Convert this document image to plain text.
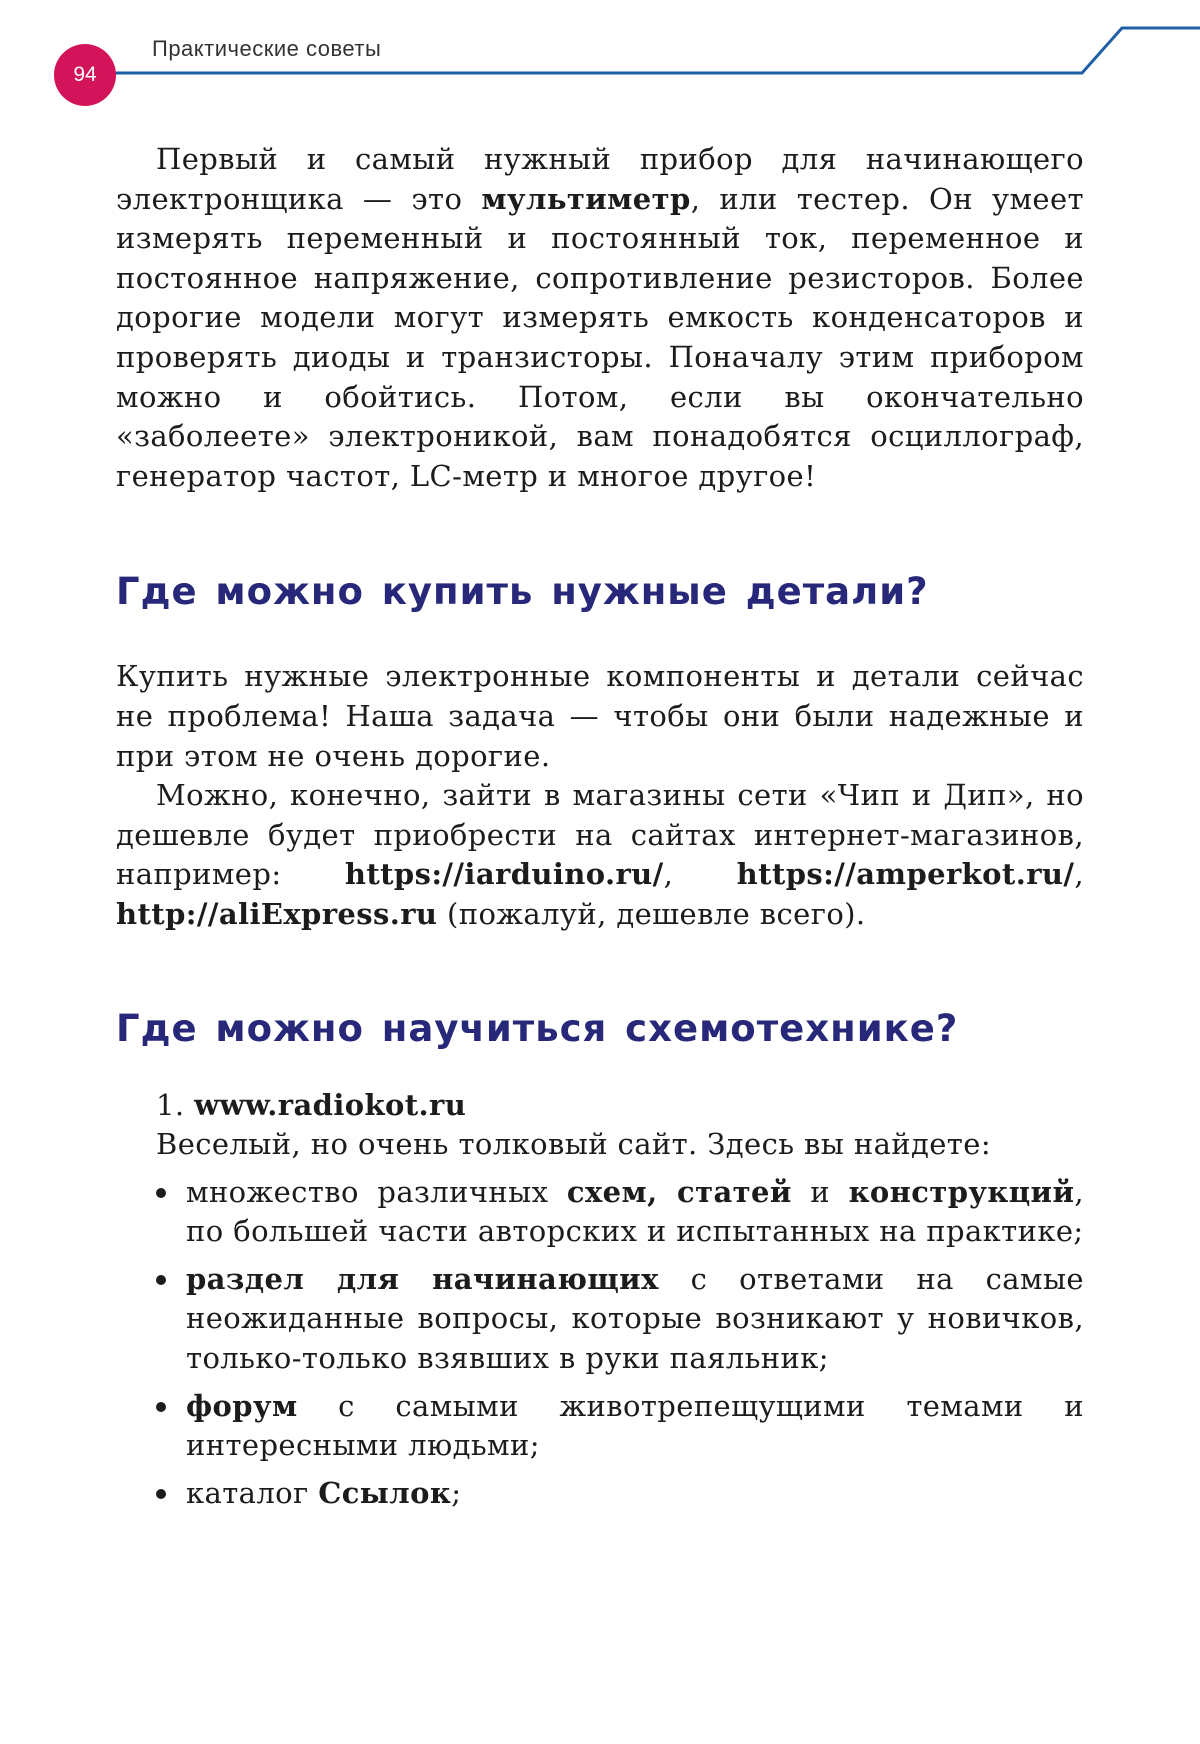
94
Практические советы

Первый и самый нужный прибор для начинающего электронщика — это мультиметр, или тестер. Он умеет измерять переменный и постоянный ток, переменное и постоянное напряжение, сопротивление резисторов. Более дорогие модели могут измерять емкость конденсаторов и проверять диоды и транзисторы. Поначалу этим прибором можно и обойтись. Потом, если вы окончательно «заболеете» электроникой, вам понадобятся осциллограф, генератор частот, LC-метр и многое другое!

Где можно купить нужные детали?

Купить нужные электронные компоненты и детали сейчас не проблема! Наша задача — чтобы они были надежные и при этом не очень дорогие.

Можно, конечно, зайти в магазины сети «Чип и Дип», но дешевле будет приобрести на сайтах интернет-магазинов, например: https://iarduino.ru/, https://amperkot.ru/, http://aliExpress.ru (пожалуй, дешевле всего).

Где можно научиться схемотехнике?

1. www.radiokot.ru

Веселый, но очень толковый сайт. Здесь вы найдете:

множество различных схем, статей и конструкций, по большей части авторских и испытанных на практике;

раздел для начинающих с ответами на самые неожиданные вопросы, которые возникают у новичков, только-только взявших в руки паяльник;

форум с самыми животрепещущими темами и интересными людьми;

каталог Ссылок;
